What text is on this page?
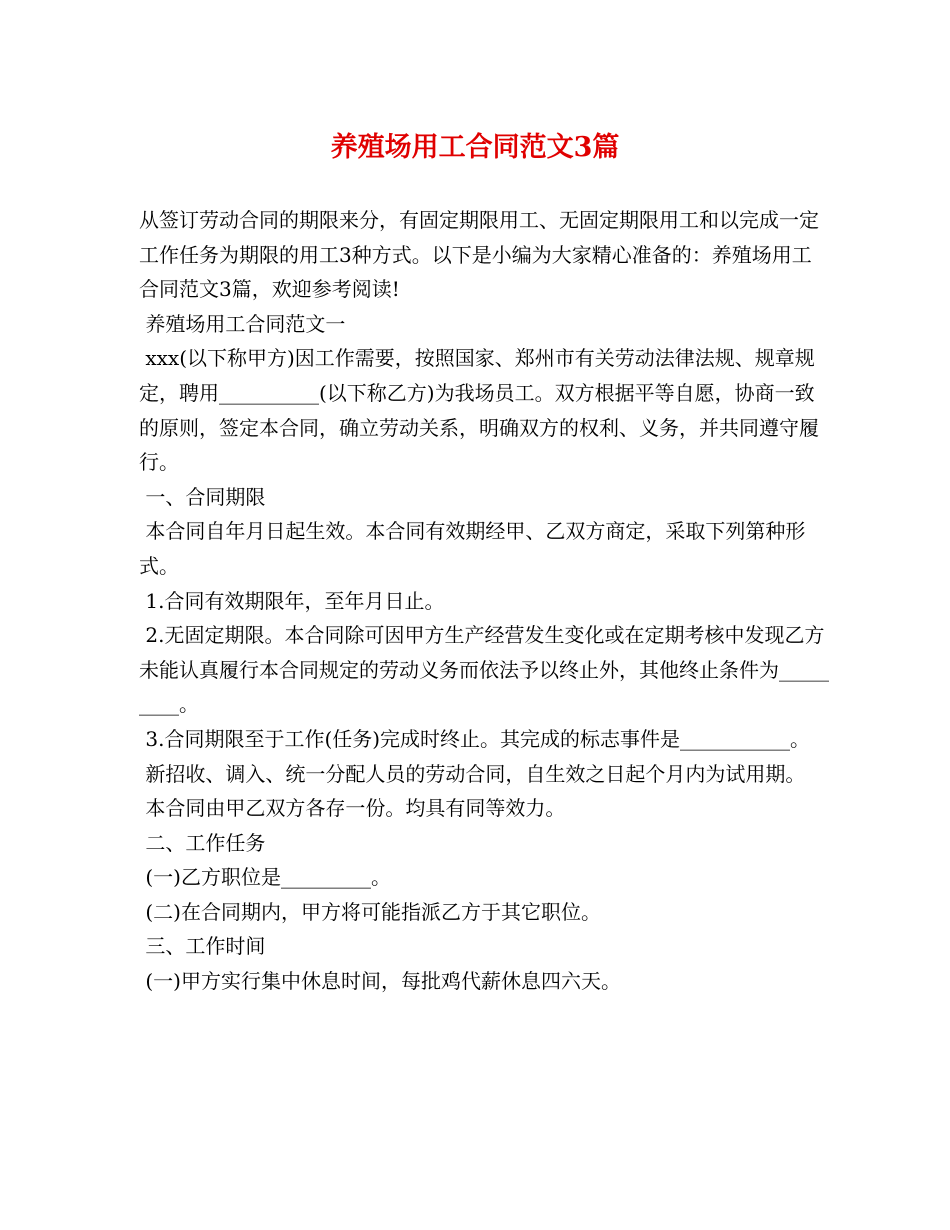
养殖场用工合同范文3篇

从签订劳动合同的期限来分，有固定期限用工、无固定期限用工和以完成一定工作任务为期限的用工3种方式。以下是小编为大家精心准备的：养殖场用工合同范文3篇，欢迎参考阅读!

养殖场用工合同范文一

xxx(以下称甲方)因工作需要，按照国家、郑州市有关劳动法律法规、规章规定，聘用__________(以下称乙方)为我场员工。双方根据平等自愿，协商一致的原则，签定本合同，确立劳动关系，明确双方的权利、义务，并共同遵守履行。

一、合同期限

本合同自年月日起生效。本合同有效期经甲、乙双方商定，采取下列第种形式。

1.合同有效期限年，至年月日止。

2.无固定期限。本合同除可因甲方生产经营发生变化或在定期考核中发现乙方未能认真履行本合同规定的劳动义务而依法予以终止外，其他终止条件为_________。

3.合同期限至于工作(任务)完成时终止。其完成的标志事件是___________。

新招收、调入、统一分配人员的劳动合同，自生效之日起个月内为试用期。

本合同由甲乙双方各存一份。均具有同等效力。

二、工作任务

(一)乙方职位是_________。

(二)在合同期内，甲方将可能指派乙方于其它职位。

三、工作时间

(一)甲方实行集中休息时间，每批鸡代薪休息四六天。
